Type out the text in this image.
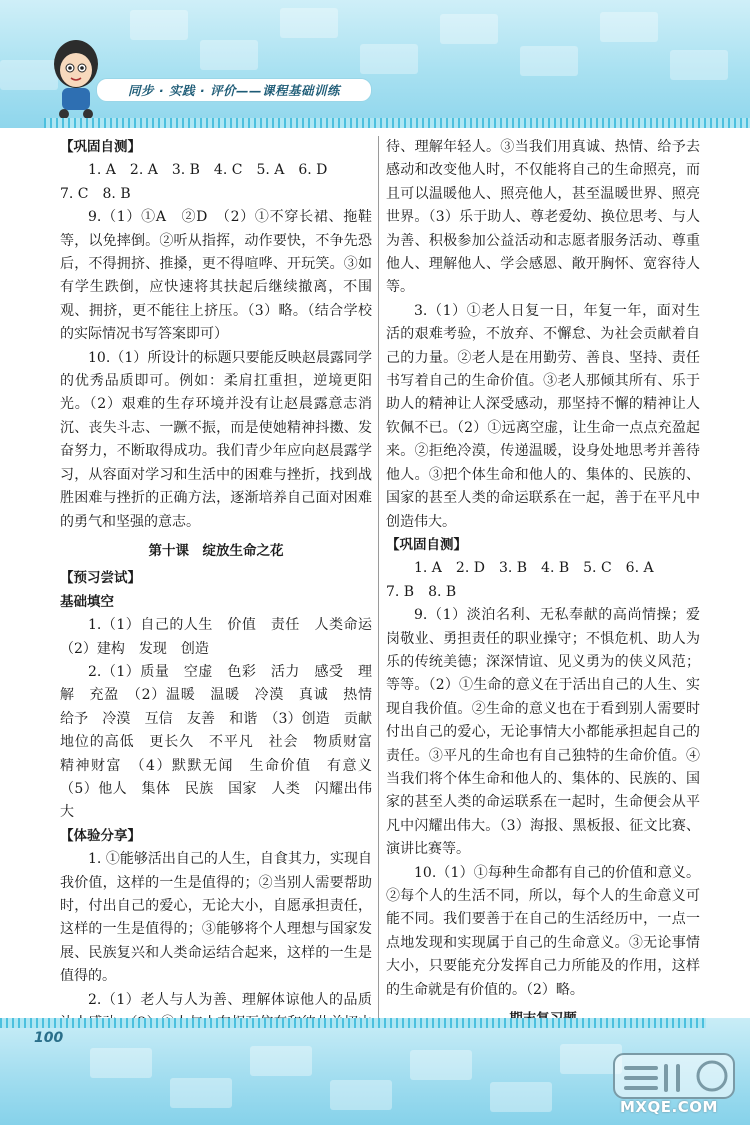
同步 · 实践 · 评价——课程基础训练

【巩固自测】

1. A　2. A　3. B　4. C　5. A　6. D

7. C　8. B

9.（1）①A　②D　（2）①不穿长裙、拖鞋等，以免摔倒。②听从指挥，动作要快，不争先恐后，不得拥挤、推搡，更不得喧哗、开玩笑。③如有学生跌倒，应快速将其扶起后继续撤离，不围观、拥挤，更不能往上挤压。（3）略。（结合学校的实际情况书写答案即可）

10.（1）所设计的标题只要能反映赵晨露同学的优秀品质即可。例如：柔肩扛重担，逆境更阳光。（2）艰难的生存环境并没有让赵晨露意志消沉、丧失斗志、一蹶不振，而是使她精神抖擞、发奋努力，不断取得成功。我们青少年应向赵晨露学习，从容面对学习和生活中的困难与挫折，找到战胜困难与挫折的正确方法，逐渐培养自己面对困难的勇气和坚强的意志。

第十课　绽放生命之花

【预习尝试】

基础填空

1.（1）自己的人生　价值　责任　人类命运（2）建构　发现　创造

2.（1）质量　空虚　色彩　活力　感受　理解　充盈　（2）温暖　温暖　冷漠　真诚　热情　给予　冷漠　互信　友善　和谐　（3）创造　贡献　地位的高低　更长久　不平凡　社会　物质财富　精神财富　（4）默默无闻　生命价值　有意义　（5）他人　集体　民族　国家　人类　闪耀出伟大

【体验分享】

1. ①能够活出自己的人生，自食其力，实现自我价值，这样的一生是值得的；②当别人需要帮助时，付出自己的爱心，无论大小，自愿承担责任，这样的一生是值得的；③能够将个人理想与国家发展、民族复兴和人类命运结合起来，这样的一生是值得的。

2.（1）老人与人为善、理解体谅他人的品质

待、理解年轻人。③当我们用真诚、热情、给予去感动和改变他人时，不仅能将自己的生命照亮，而且可以温暖他人、照亮他人，甚至温暖世界、照亮世界。（3）乐于助人、尊老爱幼、换位思考、与人为善、积极参加公益活动和志愿者服务活动、尊重他人、理解他人、学会感恩、敞开胸怀、宽容待人等。

3.（1）①老人日复一日，年复一年，面对生活的艰难考验，不放弃、不懈怠、为社会贡献着自己的力量。②老人是在用勤劳、善良、坚持、责任书写着自己的生命价值。③老人那倾其所有、乐于助人的精神让人深受感动，那坚持不懈的精神让人钦佩不已。（2）①远离空虚，让生命一点点充盈起来。②拒绝冷漠，传递温暖，设身处地思考并善待他人。③把个体生命和他人的、集体的、民族的、国家的甚至人类的命运联系在一起，善于在平凡中创造伟大。

【巩固自测】

1. A　2. D　3. B　4. B　5. C　6. A

7. B　8. B

9.（1）淡泊名利、无私奉献的高尚情操；爱岗敬业、勇担责任的职业操守；不惧危机、助人为乐的传统美德；深深情谊、见义勇为的侠义风范；等等。（2）①生命的意义在于活出自己的人生、实现自我价值。②生命的意义也在于看到别人需要时付出自己的爱心，无论事情大小都能承担起自己的责任。③平凡的生命也有自己独特的生命价值。④当我们将个体生命和他人的、集体的、民族的、国家的甚至人类的命运联系在一起时，生命便会从平凡中闪耀出伟大。（3）海报、黑板报、征文比赛、演讲比赛等。

10.（1）①每种生命都有自己的价值和意义。②每个人的生活不同，所以，每个人的生命意义可能不同。我们要善于在自己的生活经历中，一点一点地发现和实现属于自己的生命意义。③无论事情大小，只要能充分发挥自己力所能及的作用，这样的生命就是有价值的。（2）略。

100
MXQE.COM
